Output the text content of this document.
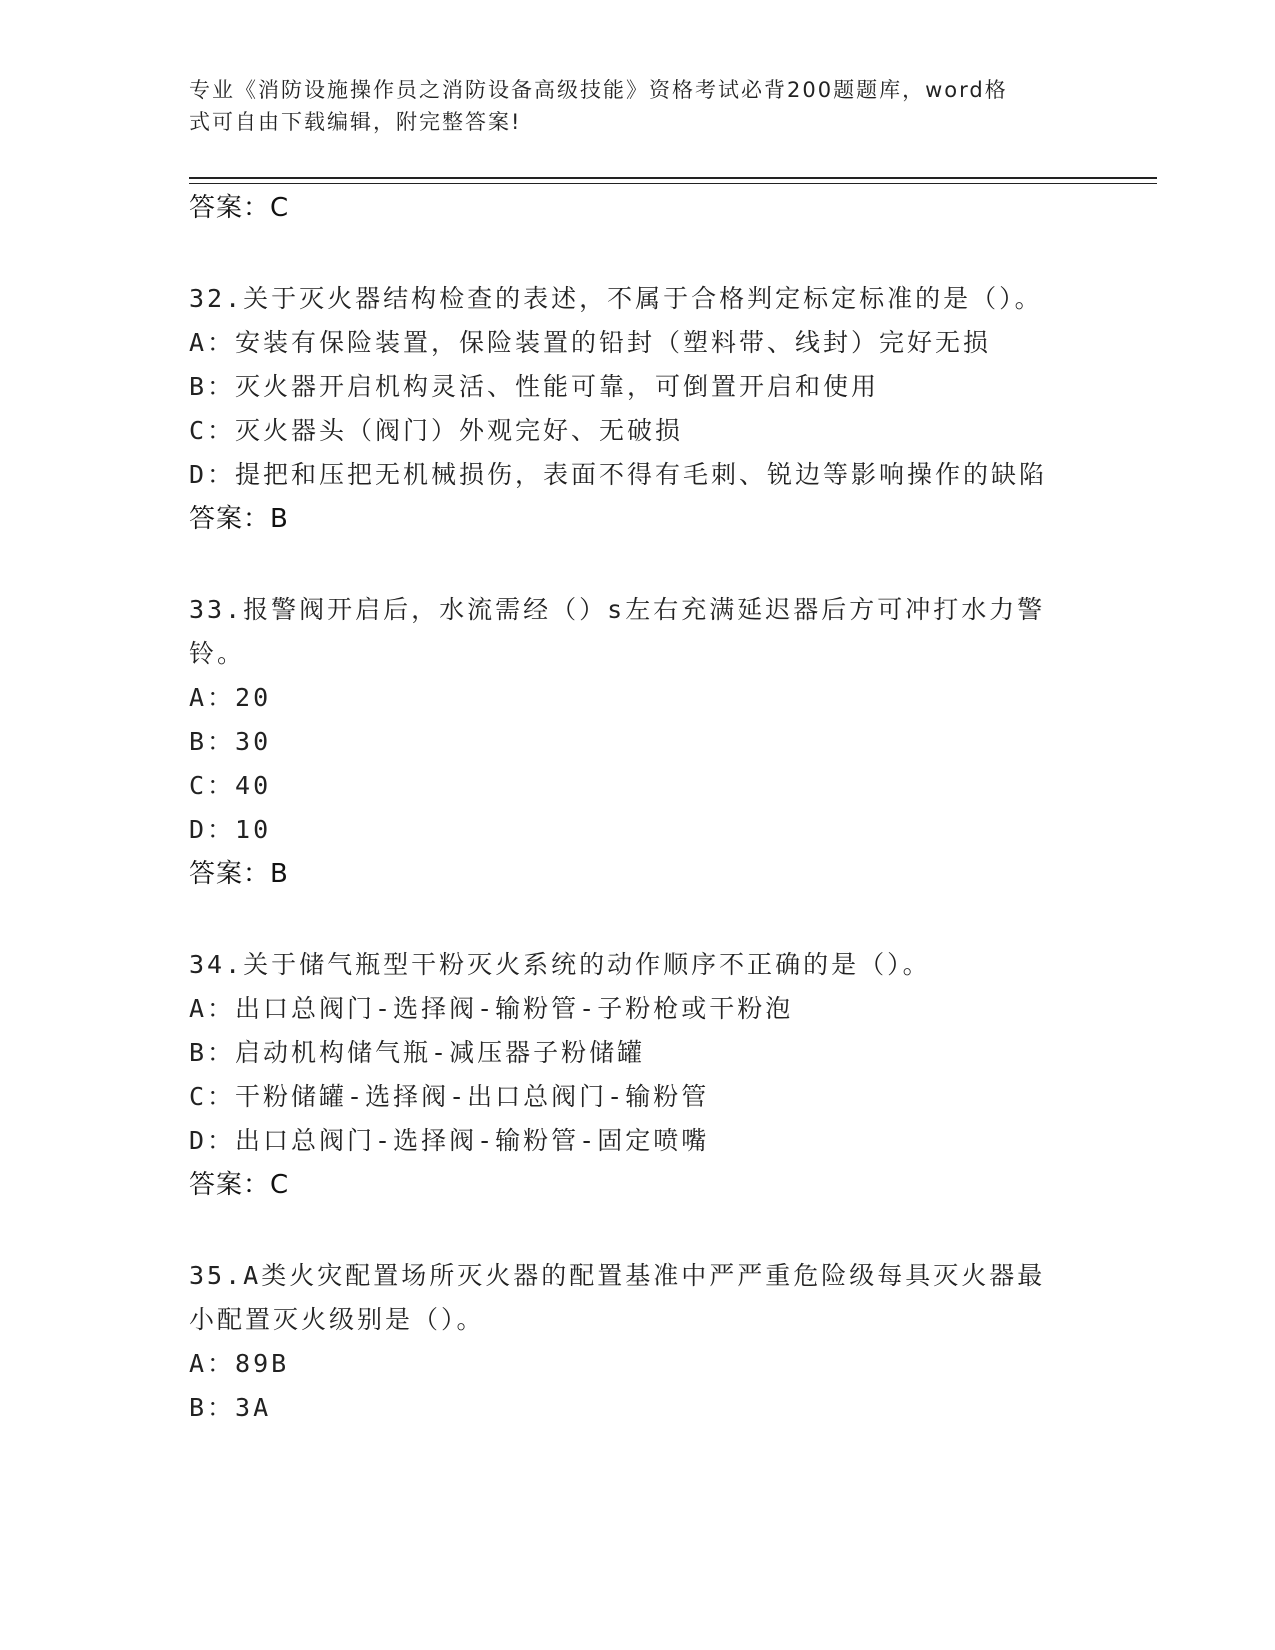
专业《消防设施操作员之消防设备高级技能》资格考试必背200题题库，word格
式可自由下载编辑，附完整答案!
答案：C
32.关于灭火器结构检查的表述，不属于合格判定标定标准的是（）。
A：安装有保险装置，保险装置的铅封（塑料带、线封）完好无损
B：灭火器开启机构灵活、性能可靠，可倒置开启和使用
C：灭火器头（阀门）外观完好、无破损
D：提把和压把无机械损伤，表面不得有毛刺、锐边等影响操作的缺陷
答案：B
33.报警阀开启后，水流需经（）s左右充满延迟器后方可冲打水力警
铃。
A：20
B：30
C：40
D：10
答案：B
34.关于储气瓶型干粉灭火系统的动作顺序不正确的是（）。
A：出口总阀门-选择阀-输粉管-子粉枪或干粉泡
B：启动机构储气瓶-减压器子粉储罐
C：干粉储罐-选择阀-出口总阀门-输粉管
D：出口总阀门-选择阀-输粉管-固定喷嘴
答案：C
35.A类火灾配置场所灭火器的配置基准中严严重危险级每具灭火器最
小配置灭火级别是（）。
A：89B
B：3A
